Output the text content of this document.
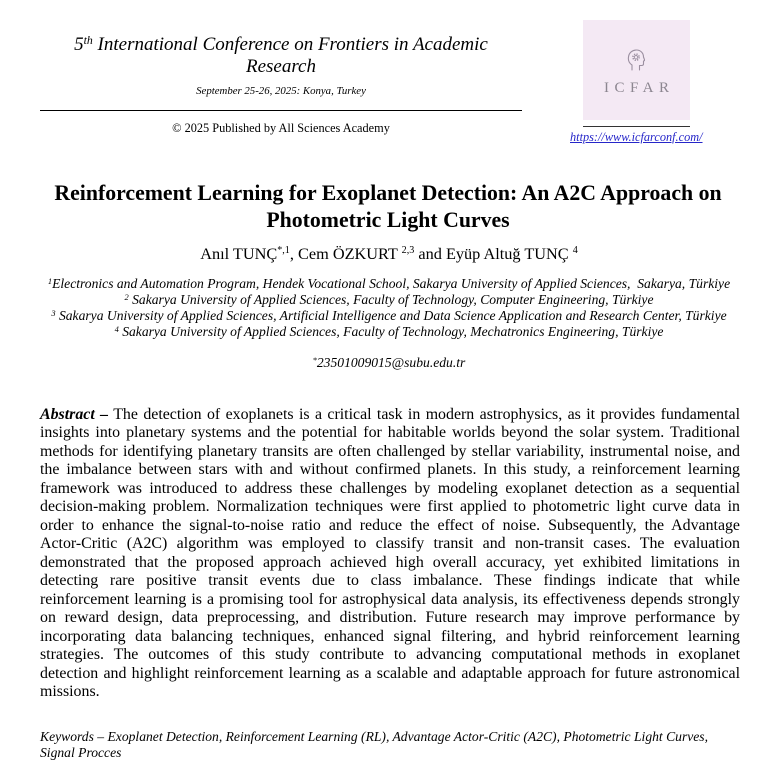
5th International Conference on Frontiers in Academic
Research
September 25-26, 2025: Konya, Turkey
© 2025 Published by All Sciences Academy
ICFAR
https://www.icfarconf.com/
Reinforcement Learning for Exoplanet Detection: An A2C Approach on
Photometric Light Curves
Anıl $TUNÇ^{*,1}$, Cem ÖZKURT $^{2,3}$ and Eyüp Altuğ TUNÇ $^4$
$^1$Electronics and Automation Program, Hendek Vocational School, Sakarya University of Applied Sciences,  Sakarya, Türkiye
$^2$ Sakarya University of Applied Sciences, Faculty of Technology, Computer Engineering, Türkiye
$^3$ Sakarya University of Applied Sciences, Artificial Intelligence and Data Science Application and Research Center, Türkiye
$^4$ Sakarya University of Applied Sciences, Faculty of Technology, Mechatronics Engineering, Türkiye
*23501009015@subu.edu.tr
Abstract – The detection of exoplanets is a critical task in modern astrophysics, as it provides fundamental
insights into planetary systems and the potential for habitable worlds beyond the solar system. Traditional
methods for identifying planetary transits are often challenged by stellar variability, instrumental noise, and
the imbalance between stars with and without confirmed planets. In this study, a reinforcement learning
framework was introduced to address these challenges by modeling exoplanet detection as a sequential
decision-making problem. Normalization techniques were first applied to photometric light curve data in
order to enhance the signal-to-noise ratio and reduce the effect of noise. Subsequently, the Advantage
Actor-Critic (A2C) algorithm was employed to classify transit and non-transit cases. The evaluation
demonstrated that the proposed approach achieved high overall accuracy, yet exhibited limitations in
detecting rare positive transit events due to class imbalance. These findings indicate that while
reinforcement learning is a promising tool for astrophysical data analysis, its effectiveness depends strongly
on reward design, data preprocessing, and distribution. Future research may improve performance by
incorporating data balancing techniques, enhanced signal filtering, and hybrid reinforcement learning
strategies. The outcomes of this study contribute to advancing computational methods in exoplanet
detection and highlight reinforcement learning as a scalable and adaptable approach for future astronomical
missions.
Keywords – Exoplanet Detection, Reinforcement Learning (RL), Advantage Actor-Critic (A2C), Photometric Light Curves, Signal Procces
